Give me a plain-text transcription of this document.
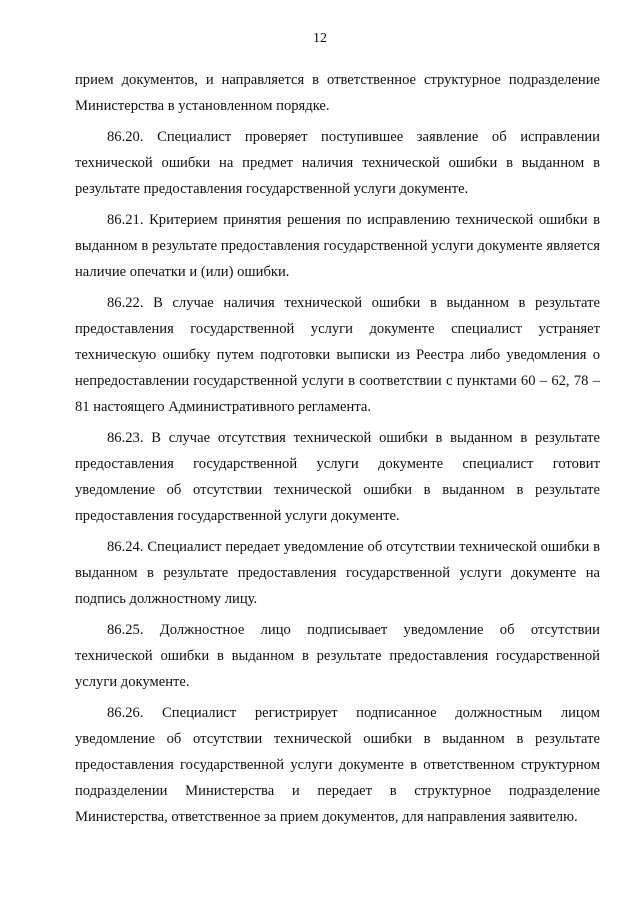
12

прием документов, и направляется в ответственное структурное подразделение Министерства в установленном порядке.

86.20. Специалист проверяет поступившее заявление об исправлении технической ошибки на предмет наличия технической ошибки в выданном в результате предоставления государственной услуги документе.

86.21. Критерием принятия решения по исправлению технической ошибки в выданном в результате предоставления государственной услуги документе является наличие опечатки и (или) ошибки.

86.22. В случае наличия технической ошибки в выданном в результате предоставления государственной услуги документе специалист устраняет техническую ошибку путем подготовки выписки из Реестра либо уведомления о непредоставлении государственной услуги в соответствии с пунктами 60 – 62, 78 – 81 настоящего Административного регламента.

86.23. В случае отсутствия технической ошибки в выданном в результате предоставления государственной услуги документе специалист готовит уведомление об отсутствии технической ошибки в выданном в результате предоставления государственной услуги документе.

86.24. Специалист передает уведомление об отсутствии технической ошибки в выданном в результате предоставления государственной услуги документе на подпись должностному лицу.

86.25. Должностное лицо подписывает уведомление об отсутствии технической ошибки в выданном в результате предоставления государственной услуги документе.

86.26. Специалист регистрирует подписанное должностным лицом уведомление об отсутствии технической ошибки в выданном в результате предоставления государственной услуги документе в ответственном структурном подразделении Министерства и передает в структурное подразделение Министерства, ответственное за прием документов, для направления заявителю.
